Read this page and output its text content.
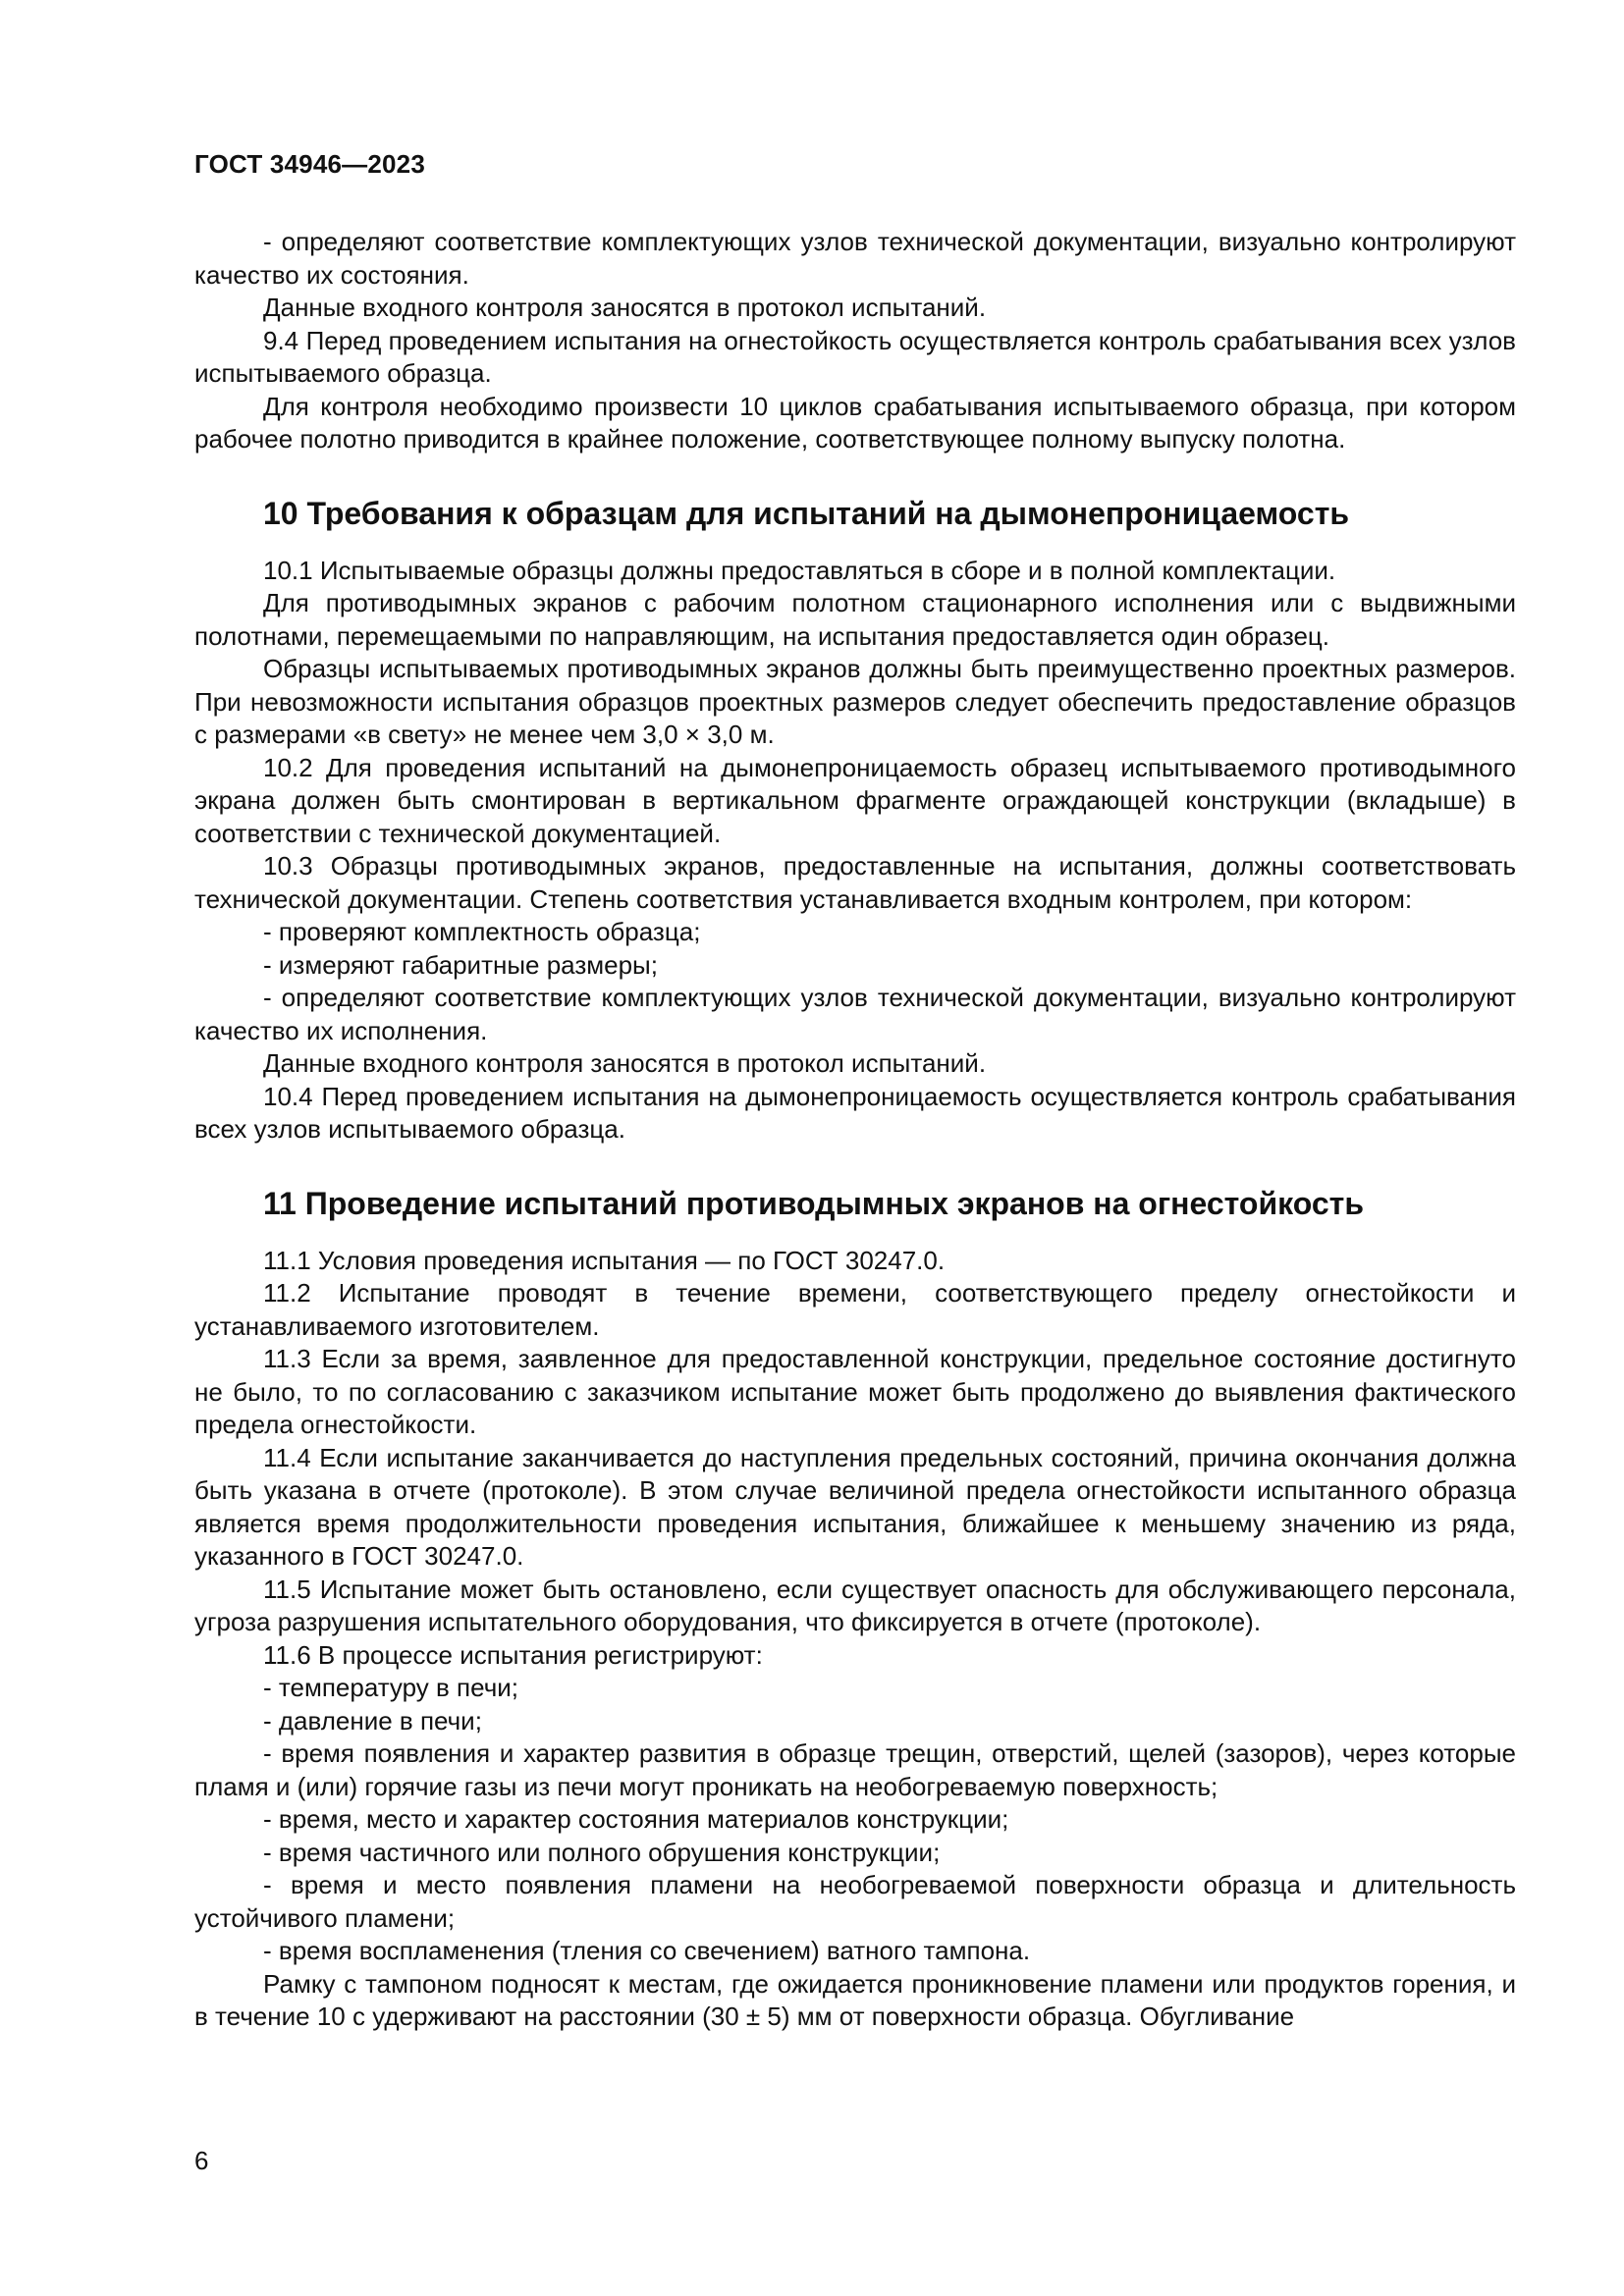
ГОСТ 34946—2023

- определяют соответствие комплектующих узлов технической документации, визуально контролируют качество их состояния.

Данные входного контроля заносятся в протокол испытаний.

9.4 Перед проведением испытания на огнестойкость осуществляется контроль срабатывания всех узлов испытываемого образца.

Для контроля необходимо произвести 10 циклов срабатывания испытываемого образца, при котором рабочее полотно приводится в крайнее положение, соответствующее полному выпуску полотна.

10 Требования к образцам для испытаний на дымонепроницаемость

10.1 Испытываемые образцы должны предоставляться в сборе и в полной комплектации.

Для противодымных экранов с рабочим полотном стационарного исполнения или с выдвижными полотнами, перемещаемыми по направляющим, на испытания предоставляется один образец.

Образцы испытываемых противодымных экранов должны быть преимущественно проектных размеров. При невозможности испытания образцов проектных размеров следует обеспечить предоставление образцов с размерами «в свету» не менее чем 3,0 × 3,0 м.

10.2 Для проведения испытаний на дымонепроницаемость образец испытываемого противодымного экрана должен быть смонтирован в вертикальном фрагменте ограждающей конструкции (вкладыше) в соответствии с технической документацией.

10.3 Образцы противодымных экранов, предоставленные на испытания, должны соответствовать технической документации. Степень соответствия устанавливается входным контролем, при котором:

- проверяют комплектность образца;

- измеряют габаритные размеры;

- определяют соответствие комплектующих узлов технической документации, визуально контролируют качество их исполнения.

Данные входного контроля заносятся в протокол испытаний.

10.4 Перед проведением испытания на дымонепроницаемость осуществляется контроль срабатывания всех узлов испытываемого образца.

11 Проведение испытаний противодымных экранов на огнестойкость

11.1 Условия проведения испытания — по ГОСТ 30247.0.

11.2 Испытание проводят в течение времени, соответствующего пределу огнестойкости и устанавливаемого изготовителем.

11.3 Если за время, заявленное для предоставленной конструкции, предельное состояние достигнуто не было, то по согласованию с заказчиком испытание может быть продолжено до выявления фактического предела огнестойкости.

11.4 Если испытание заканчивается до наступления предельных состояний, причина окончания должна быть указана в отчете (протоколе). В этом случае величиной предела огнестойкости испытанного образца является время продолжительности проведения испытания, ближайшее к меньшему значению из ряда, указанного в ГОСТ 30247.0.

11.5 Испытание может быть остановлено, если существует опасность для обслуживающего персонала, угроза разрушения испытательного оборудования, что фиксируется в отчете (протоколе).

11.6 В процессе испытания регистрируют:

- температуру в печи;

- давление в печи;

- время появления и характер развития в образце трещин, отверстий, щелей (зазоров), через которые пламя и (или) горячие газы из печи могут проникать на необогреваемую поверхность;

- время, место и характер состояния материалов конструкции;

- время частичного или полного обрушения конструкции;

- время и место появления пламени на необогреваемой поверхности образца и длительность устойчивого пламени;

- время воспламенения (тления со свечением) ватного тампона.

Рамку с тампоном подносят к местам, где ожидается проникновение пламени или продуктов горения, и в течение 10 с удерживают на расстоянии (30 ± 5) мм от поверхности образца. Обугливание

6
